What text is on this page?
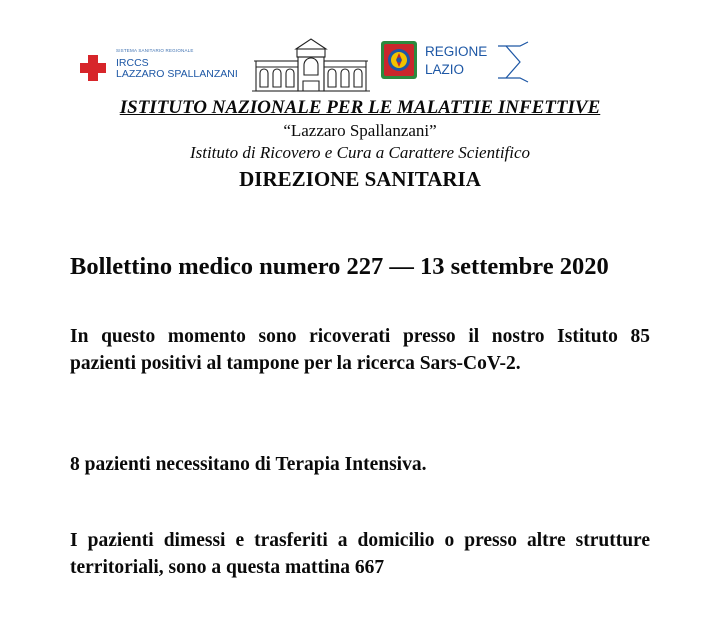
SISTEMA SANITARIO REGIONALE
IRCCS
LAZZARO SPALLANZANI
REGIONE
LAZIO
ISTITUTO NAZIONALE PER LE MALATTIE INFETTIVE
“Lazzaro Spallanzani”
Istituto di Ricovero e Cura a Carattere Scientifico
DIREZIONE SANITARIA
Bollettino medico numero 227 — 13 settembre 2020
In questo momento sono ricoverati presso il nostro Istituto 85 pazienti positivi al tampone per la ricerca Sars-CoV-2.
8 pazienti necessitano di Terapia Intensiva.
I pazienti dimessi e trasferiti a domicilio o presso altre strutture territoriali, sono a questa mattina 667
